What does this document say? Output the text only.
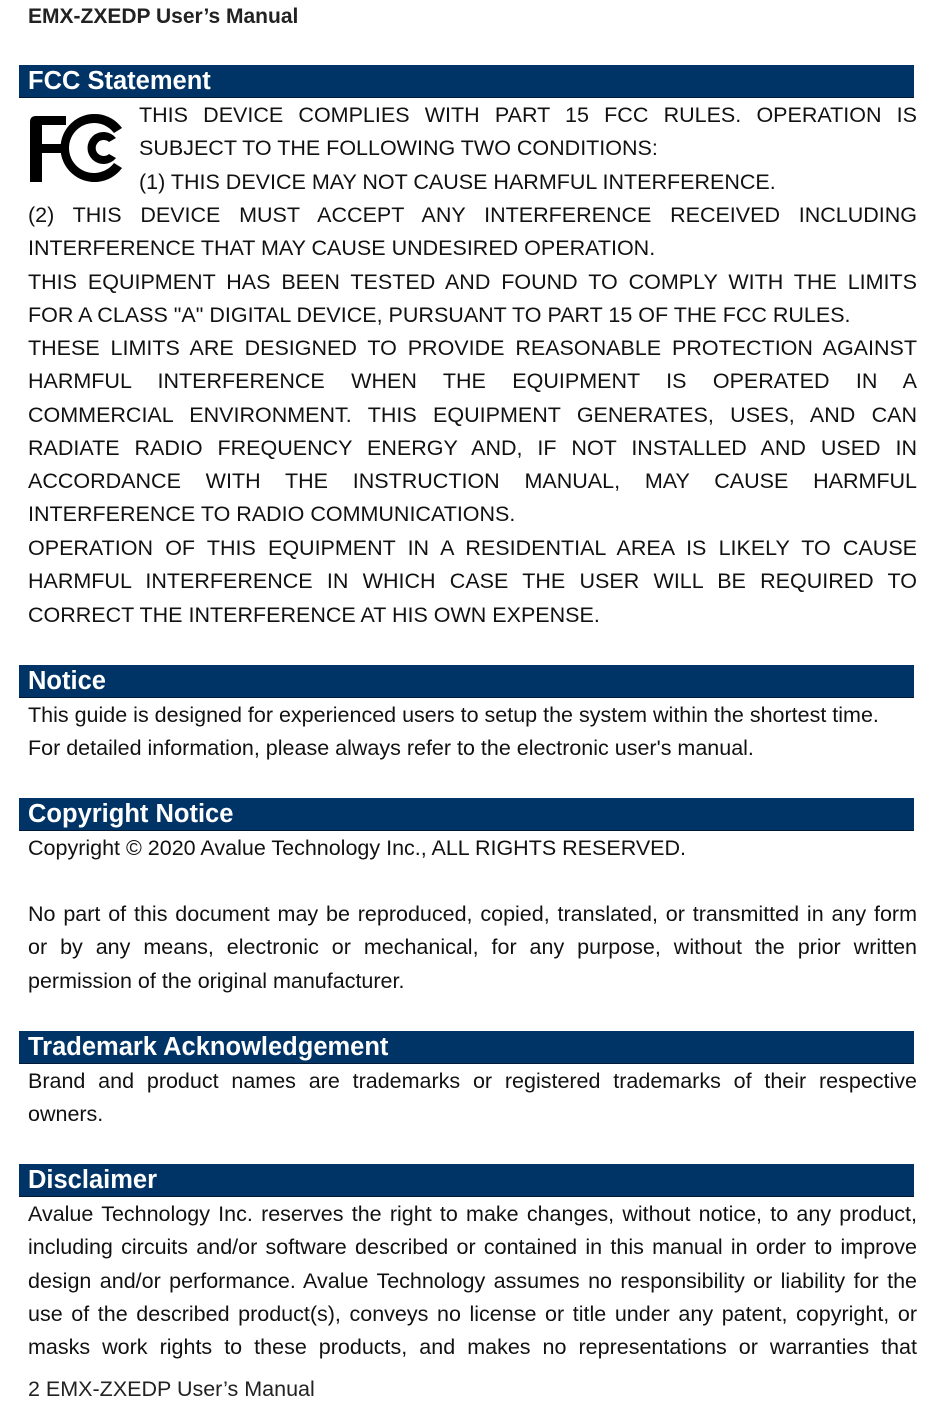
EMX-ZXEDP User’s Manual
FCC Statement
THIS DEVICE COMPLIES WITH PART 15 FCC RULES. OPERATION IS
SUBJECT TO THE FOLLOWING TWO CONDITIONS:
(1) THIS DEVICE MAY NOT CAUSE HARMFUL INTERFERENCE.
(2) THIS DEVICE MUST ACCEPT ANY INTERFERENCE RECEIVED INCLUDING
INTERFERENCE THAT MAY CAUSE UNDESIRED OPERATION.
THIS EQUIPMENT HAS BEEN TESTED AND FOUND TO COMPLY WITH THE LIMITS
FOR A CLASS "A" DIGITAL DEVICE, PURSUANT TO PART 15 OF THE FCC RULES.
THESE LIMITS ARE DESIGNED TO PROVIDE REASONABLE PROTECTION AGAINST
HARMFUL INTERFERENCE WHEN THE EQUIPMENT IS OPERATED IN A
COMMERCIAL ENVIRONMENT. THIS EQUIPMENT GENERATES, USES, AND CAN
RADIATE RADIO FREQUENCY ENERGY AND, IF NOT INSTALLED AND USED IN
ACCORDANCE WITH THE INSTRUCTION MANUAL, MAY CAUSE HARMFUL
INTERFERENCE TO RADIO COMMUNICATIONS.
OPERATION OF THIS EQUIPMENT IN A RESIDENTIAL AREA IS LIKELY TO CAUSE
HARMFUL INTERFERENCE IN WHICH CASE THE USER WILL BE REQUIRED TO
CORRECT THE INTERFERENCE AT HIS OWN EXPENSE.
Notice
This guide is designed for experienced users to setup the system within the shortest time.
For detailed information, please always refer to the electronic user's manual.
Copyright Notice
Copyright © 2020 Avalue Technology Inc., ALL RIGHTS RESERVED.
No part of this document may be reproduced, copied, translated, or transmitted in any form
or by any means, electronic or mechanical, for any purpose, without the prior written
permission of the original manufacturer.
Trademark Acknowledgement
Brand and product names are trademarks or registered trademarks of their respective
owners.
Disclaimer
Avalue Technology Inc. reserves the right to make changes, without notice, to any product,
including circuits and/or software described or contained in this manual in order to improve
design and/or performance. Avalue Technology assumes no responsibility or liability for the
use of the described product(s), conveys no license or title under any patent, copyright, or
masks work rights to these products, and makes no representations or warranties that
2 EMX-ZXEDP User’s Manual
